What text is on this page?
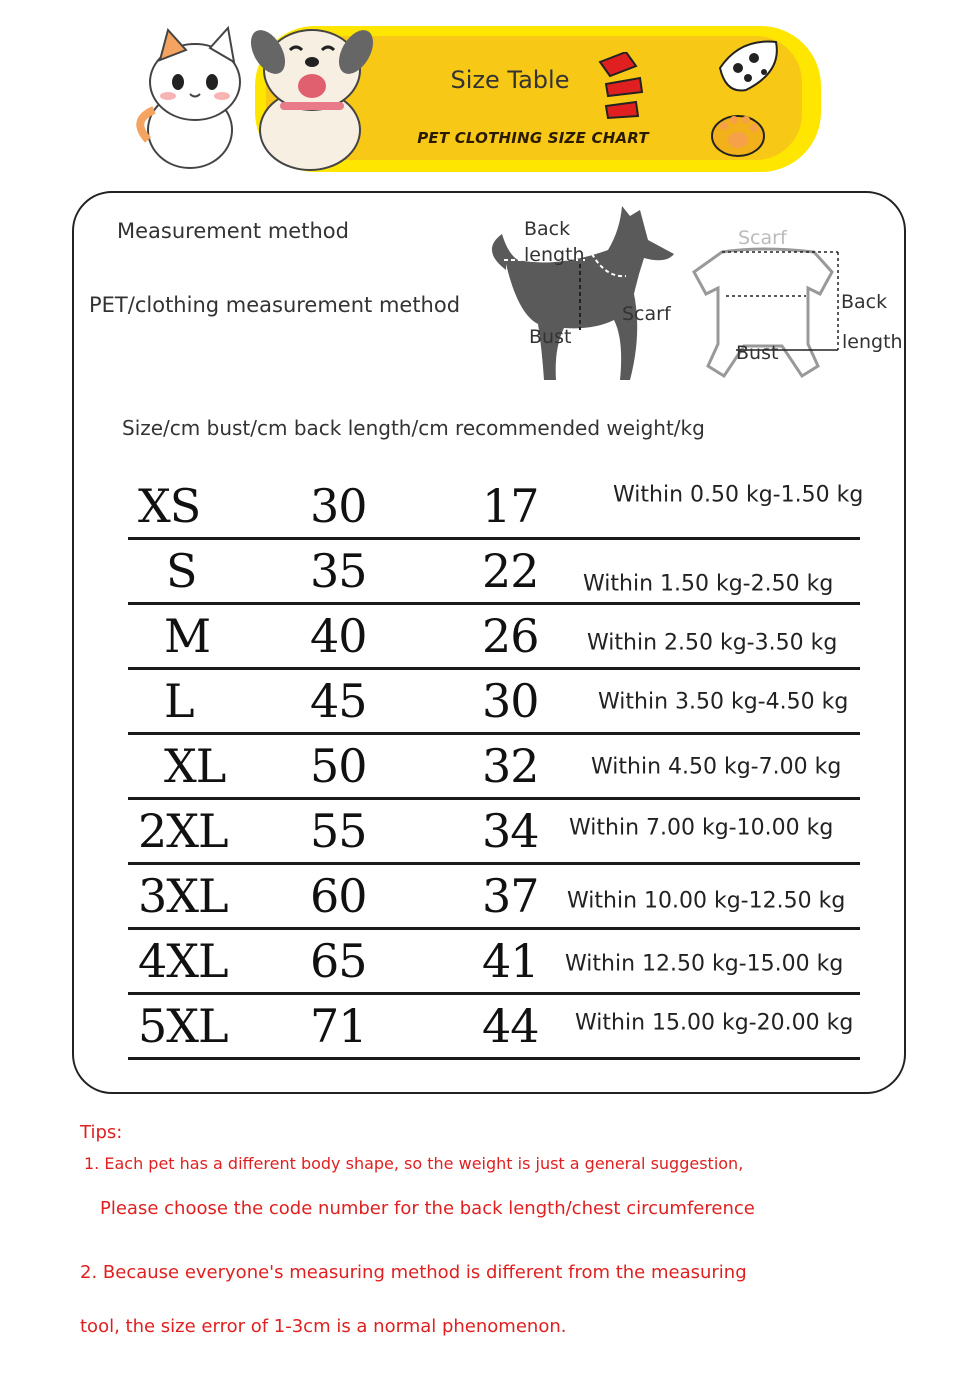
Size Table
PET CLOTHING SIZE CHART
Measurement method
PET/clothing measurement method
Back
length
Scarf
Bust
Scarf
Back
length
Bust
Size/cm bust/cm back length/cm recommended weight/kg
XS	30	17	Within 0.50 kg-1.50 kg
S	35	22	Within 1.50 kg-2.50 kg
M	40	26	Within 2.50 kg-3.50 kg
L	45	30	Within 3.50 kg-4.50 kg
XL	50	32	Within 4.50 kg-7.00 kg
2XL	55	34	Within 7.00 kg-10.00 kg
3XL	60	37	Within 10.00 kg-12.50 kg
4XL	65	41	Within 12.50 kg-15.00 kg
5XL	71	44	Within 15.00 kg-20.00 kg
Tips:
1. Each pet has a different body shape, so the weight is just a general suggestion,
Please choose the code number for the back length/chest circumference
2. Because everyone's measuring method is different from the measuring
tool, the size error of 1-3cm is a normal phenomenon.
